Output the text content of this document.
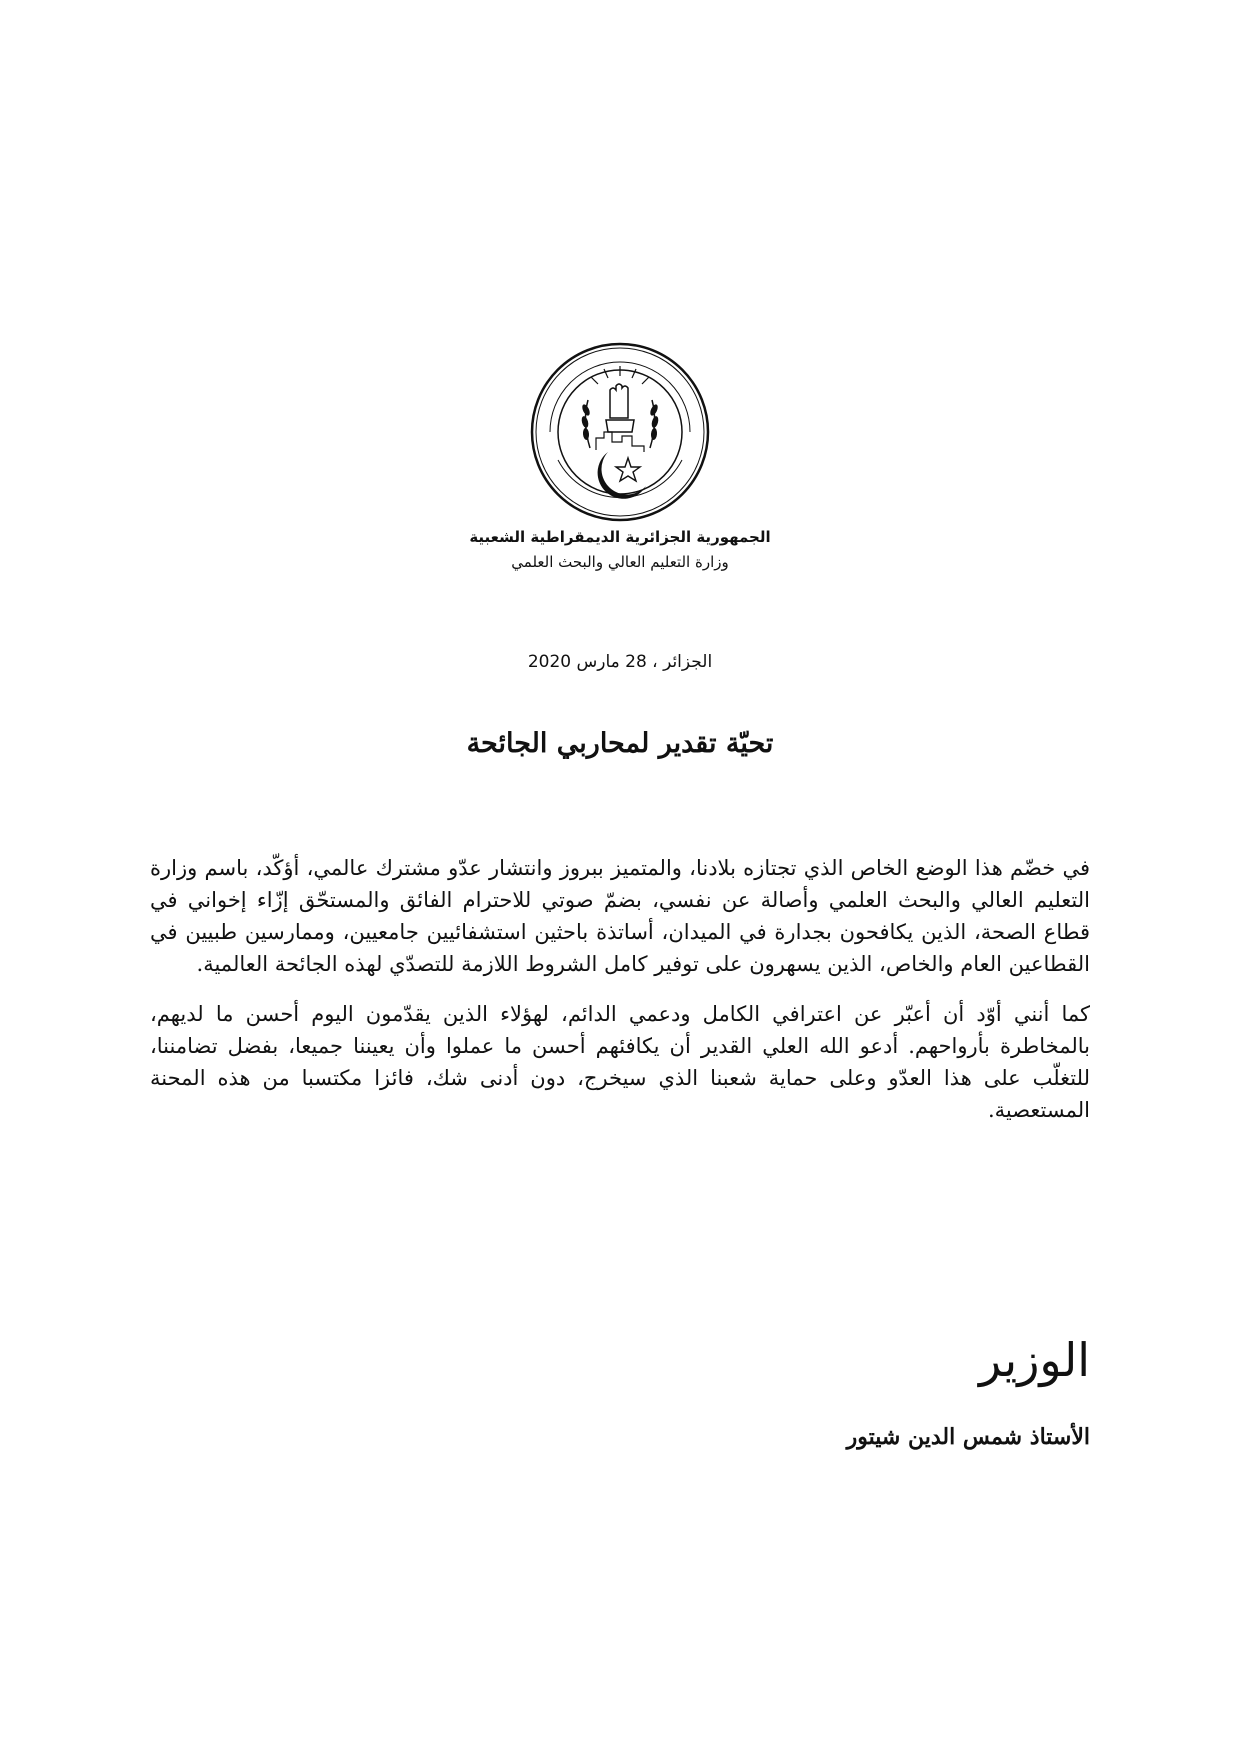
الجمهورية الجزائرية الديمقراطية الشعبية
وزارة التعليم العالي والبحث العلمي
الجزائر ، 28 مارس 2020
تحيّة تقدير لمحاربي الجائحة

في خضّم هذا الوضع الخاص الذي تجتازه بلادنا، والمتميز ببروز وانتشار عدّو مشترك عالمي، أؤكّد، باسم وزارة التعليم العالي والبحث العلمي وأصالة عن نفسي، بضمّ صوتي للاحترام الفائق والمستحّق إزّاء إخواني في قطاع الصحة، الذين يكافحون بجدارة في الميدان، أساتذة باحثين استشفائيين جامعيين، وممارسين طبيين في القطاعين العام والخاص، الذين يسهرون على توفير كامل الشروط اللازمة للتصدّي لهذه الجائحة العالمية.

كما أنني أوّد أن أعبّر عن اعترافي الكامل ودعمي الدائم، لهؤلاء الذين يقدّمون اليوم أحسن ما لديهم، بالمخاطرة بأرواحهم. أدعو الله العلي القدير أن يكافئهم أحسن ما عملوا وأن يعيننا جميعا، بفضل تضامننا، للتغلّب على هذا العدّو وعلى حماية شعبنا الذي سيخرج، دون أدنى شك، فائزا مكتسبا من هذه المحنة المستعصية.

الوزير
الأستاذ شمس الدين شيتور
